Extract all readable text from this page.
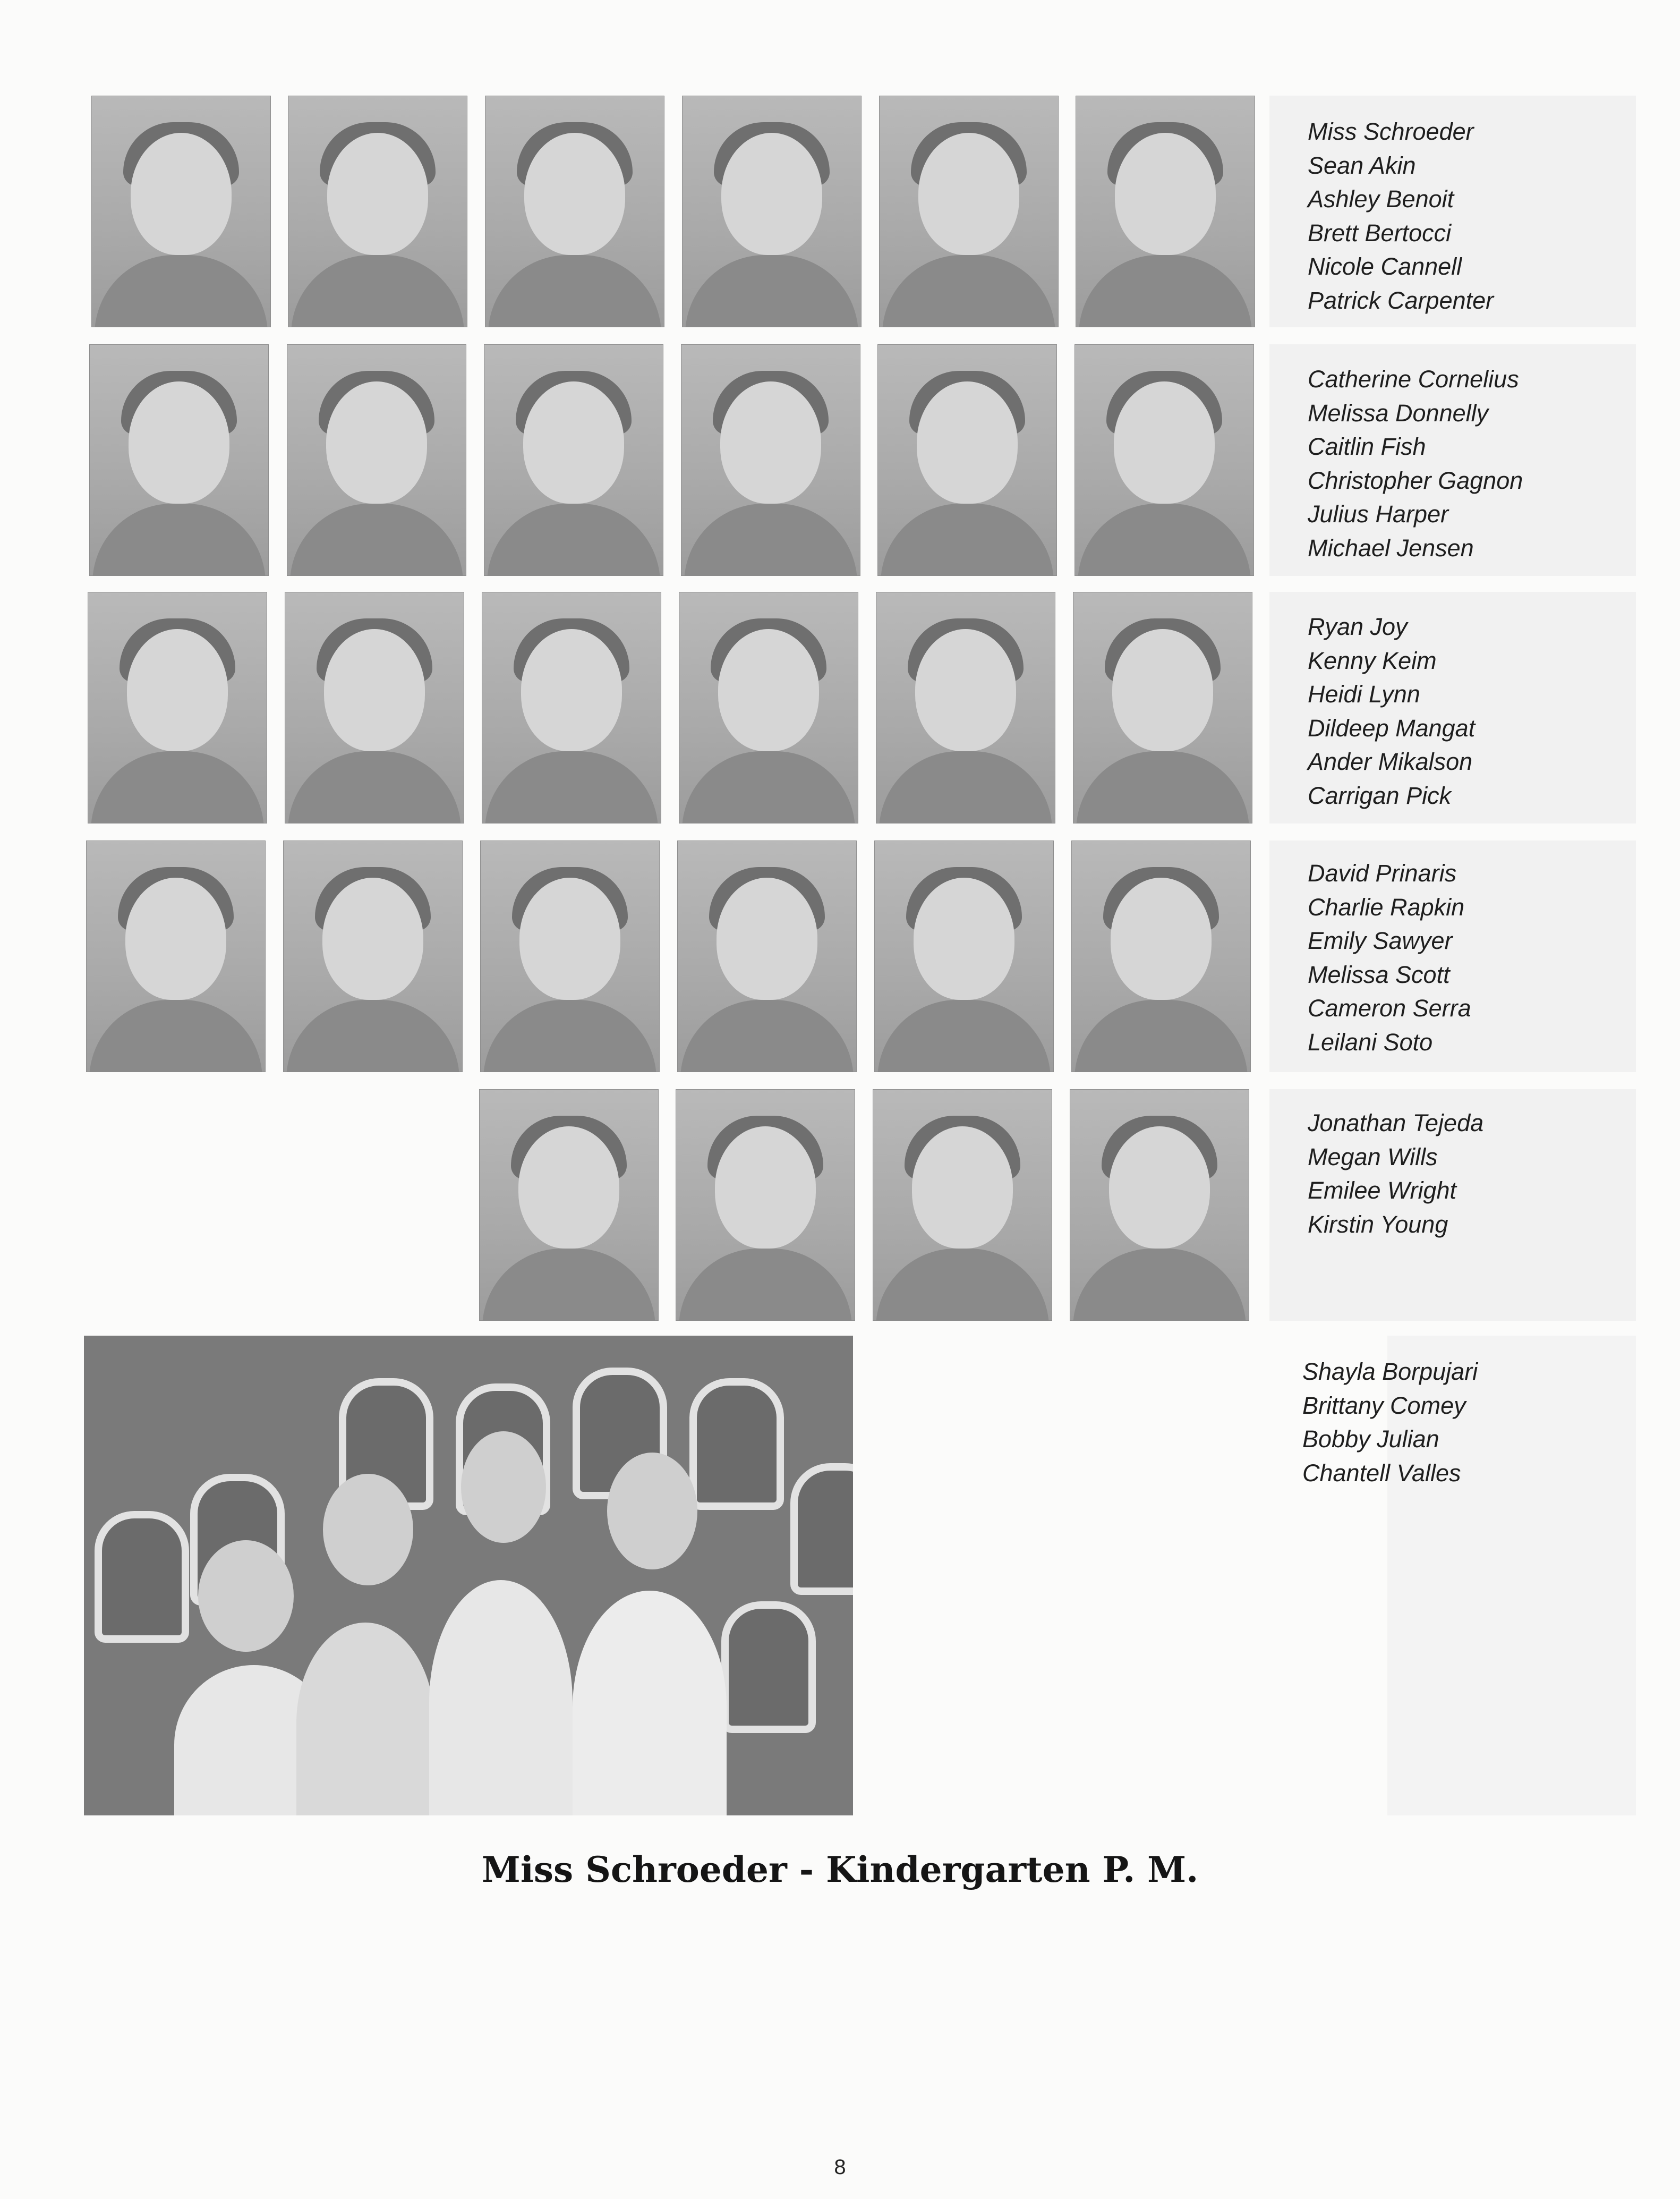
Miss Schroeder
Sean Akin
Ashley Benoit
Brett Bertocci
Nicole Cannell
Patrick Carpenter
Catherine Cornelius
Melissa Donnelly
Caitlin Fish
Christopher Gagnon
Julius Harper
Michael Jensen
Ryan Joy
Kenny Keim
Heidi Lynn
Dildeep Mangat
Ander Mikalson
Carrigan Pick
David Prinaris
Charlie Rapkin
Emily Sawyer
Melissa Scott
Cameron Serra
Leilani Soto
Jonathan Tejeda
Megan Wills
Emilee Wright
Kirstin Young
Shayla Borpujari
Brittany Comey
Bobby Julian
Chantell Valles
Miss Schroeder - Kindergarten P. M.
8
